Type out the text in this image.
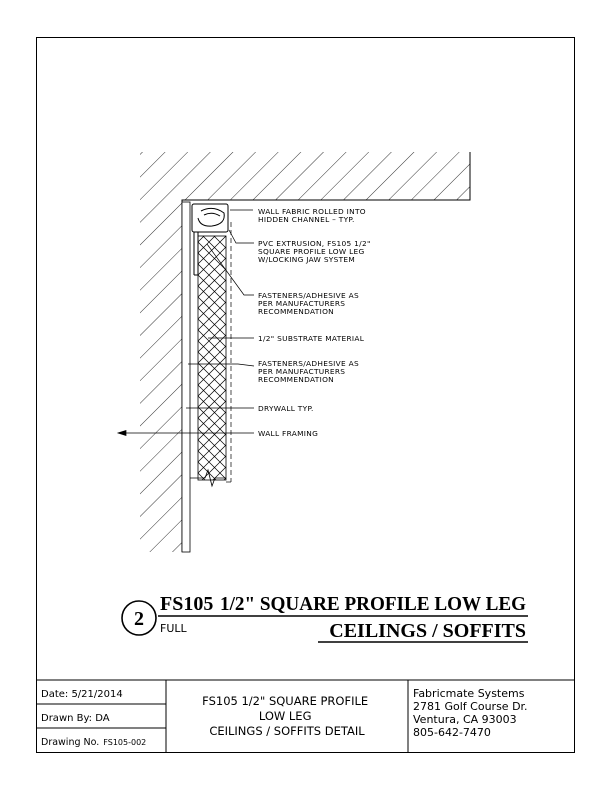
WALL FABRIC ROLLED INTO HIDDEN CHANNEL – TYP.
PVC EXTRUSION, FS105 1/2" SQUARE PROFILE LOW LEG W/LOCKING JAW SYSTEM
FASTENERS/ADHESIVE AS PER MANUFACTURERS RECOMMENDATION
1/2" SUBSTRATE MATERIAL
FASTENERS/ADHESIVE AS PER MANUFACTURERS RECOMMENDATION
DRYWALL TYP.
WALL FRAMING
2
FS105 1/2" SQUARE PROFILE LOW LEG
FULL	CEILINGS / SOFFITS
Date: 5/21/2014
Drawn By: DA
Drawing No. FS105-002
FS105 1/2" SQUARE PROFILE LOW LEG CEILINGS / SOFFITS DETAIL
Fabricmate Systems 2781 Golf Course Dr. Ventura, CA 93003 805-642-7470
